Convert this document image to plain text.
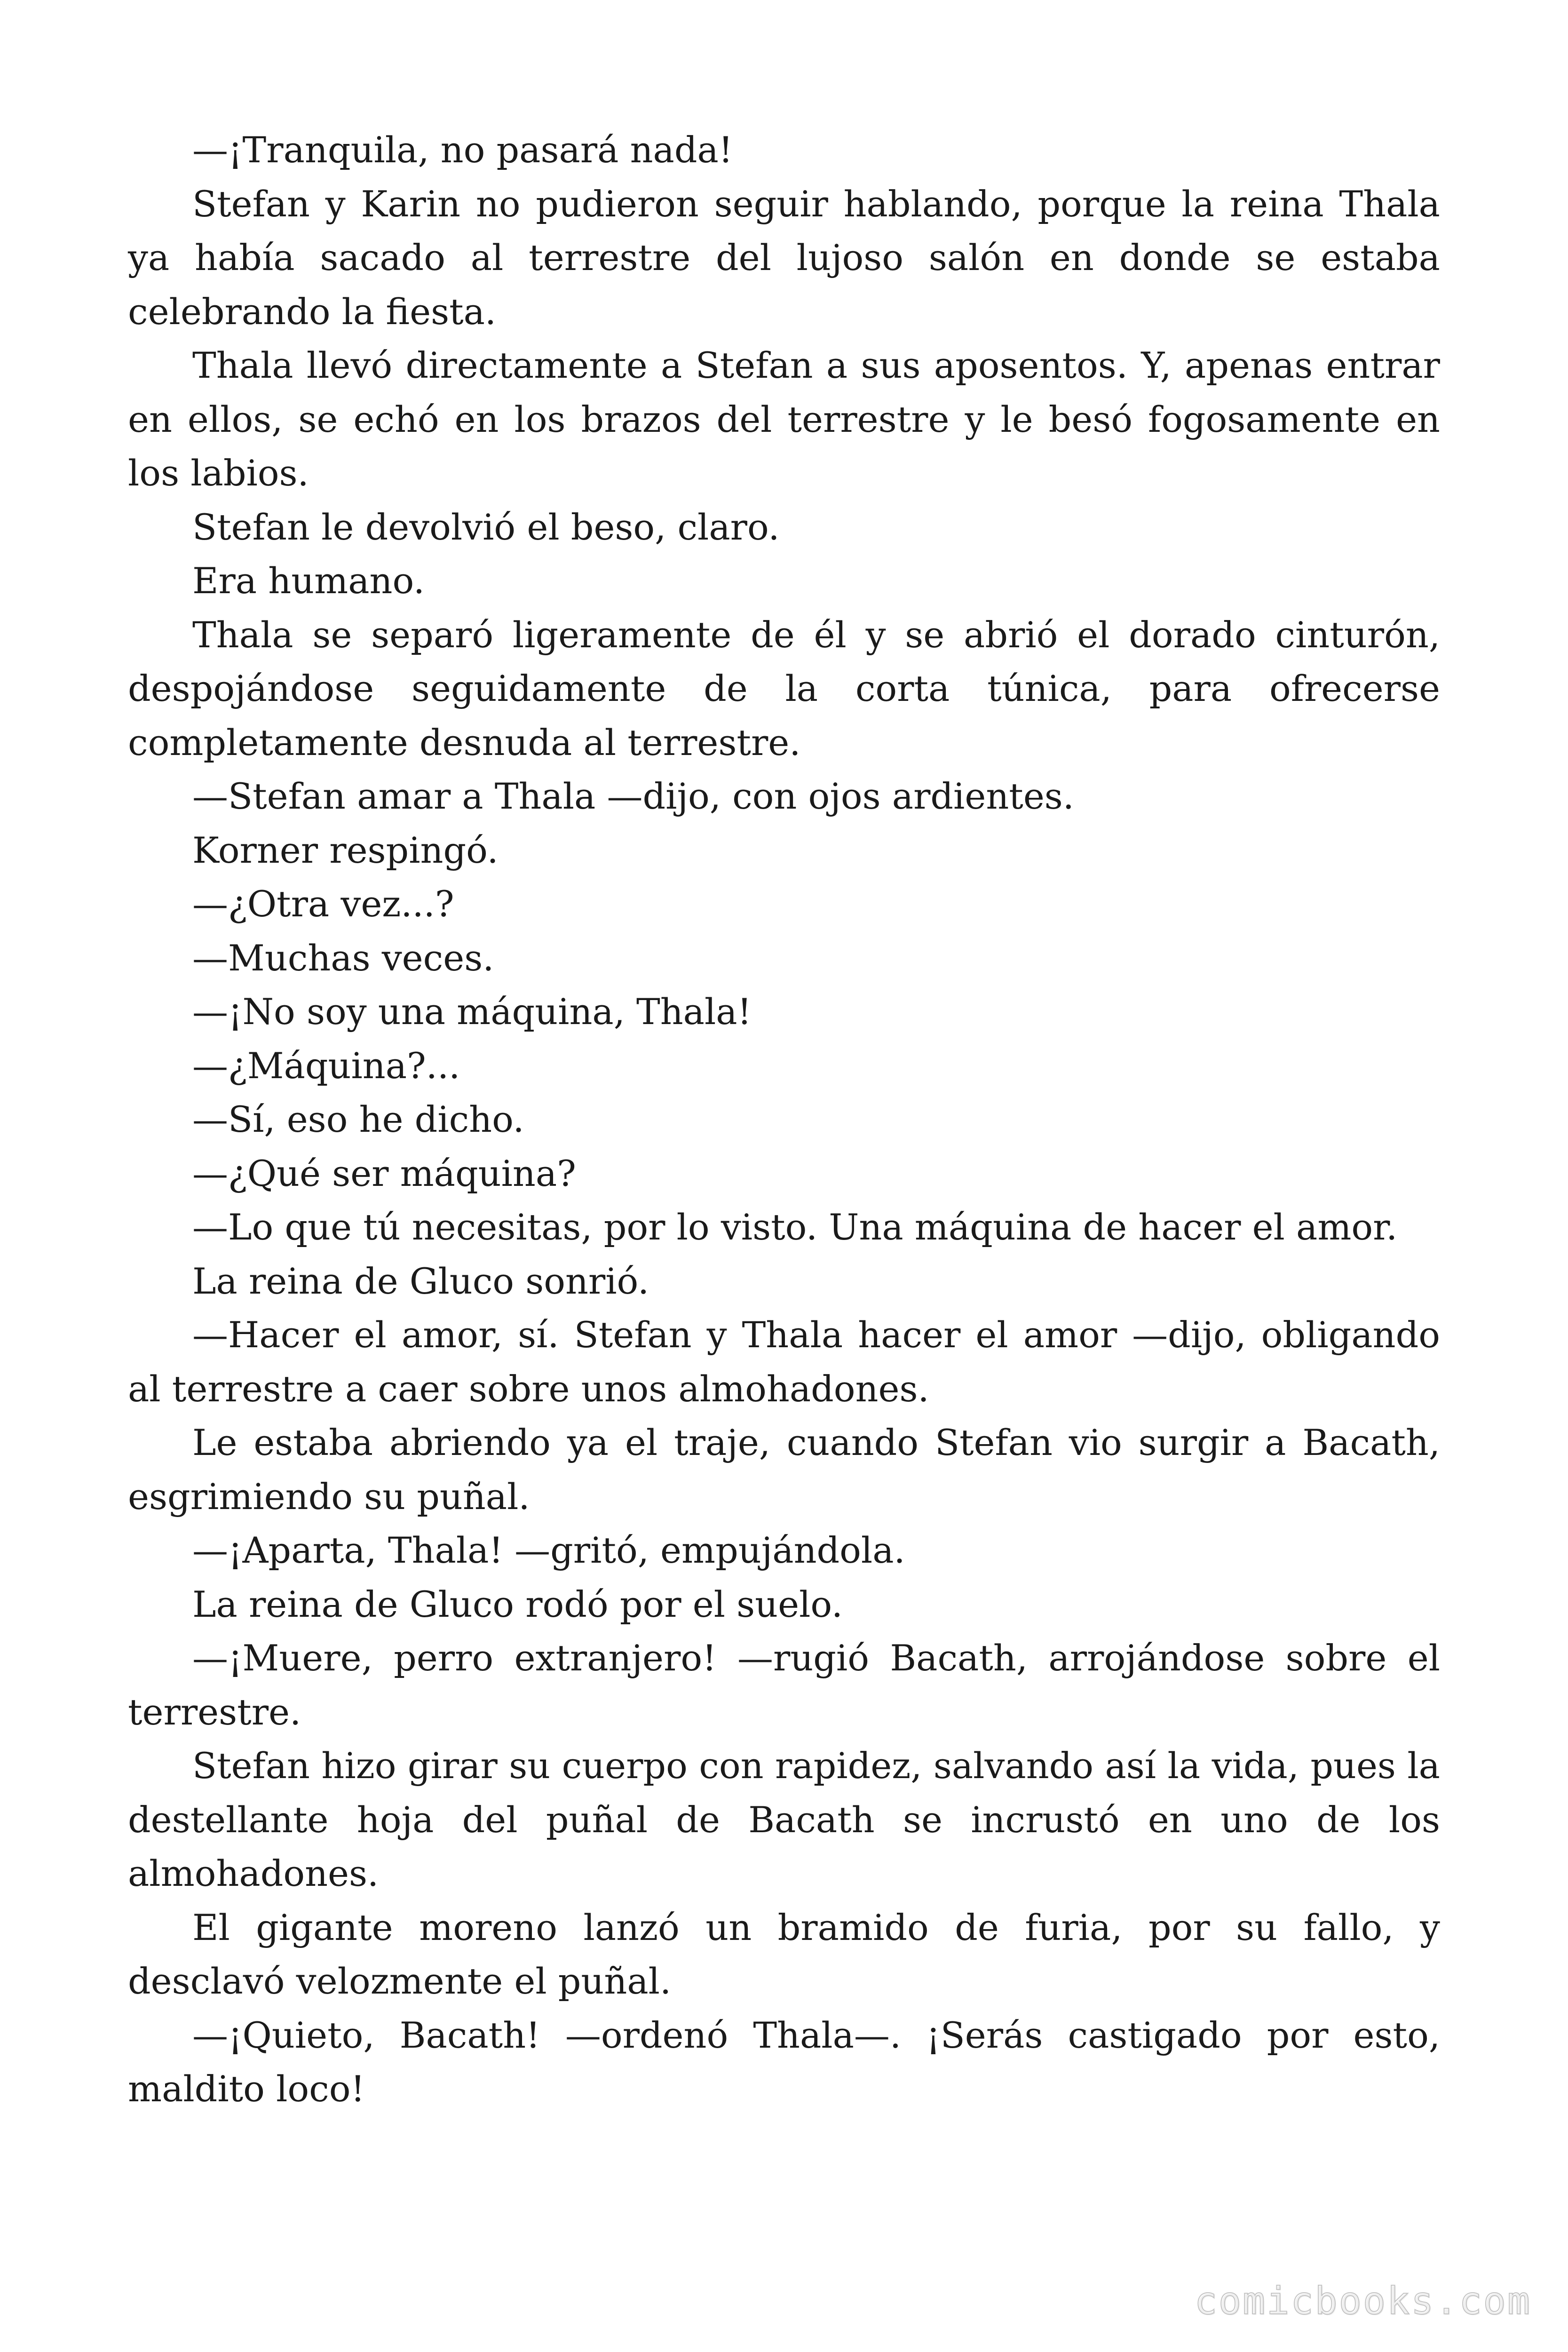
—¡Tranquila, no pasará nada!

Stefan y Karin no pudieron seguir hablando, porque la reina Thala ya había sacado al terrestre del lujoso salón en donde se estaba celebrando la fiesta.

Thala llevó directamente a Stefan a sus aposentos. Y, apenas entrar en ellos, se echó en los brazos del terrestre y le besó fogosamente en los labios.

Stefan le devolvió el beso, claro.

Era humano.

Thala se separó ligeramente de él y se abrió el dorado cinturón, despojándose seguidamente de la corta túnica, para ofrecerse completamente desnuda al terrestre.

—Stefan amar a Thala —dijo, con ojos ardientes.

Korner respingó.

—¿Otra vez...?

—Muchas veces.

—¡No soy una máquina, Thala!

—¿Máquina?...

—Sí, eso he dicho.

—¿Qué ser máquina?

—Lo que tú necesitas, por lo visto. Una máquina de hacer el amor.

La reina de Gluco sonrió.

—Hacer el amor, sí. Stefan y Thala hacer el amor —dijo, obligando al terrestre a caer sobre unos almohadones.

Le estaba abriendo ya el traje, cuando Stefan vio surgir a Bacath, esgrimiendo su puñal.

—¡Aparta, Thala! —gritó, empujándola.

La reina de Gluco rodó por el suelo.

—¡Muere, perro extranjero! —rugió Bacath, arrojándose sobre el terrestre.

Stefan hizo girar su cuerpo con rapidez, salvando así la vida, pues la destellante hoja del puñal de Bacath se incrustó en uno de los almohadones.

El gigante moreno lanzó un bramido de furia, por su fallo, y desclavó velozmente el puñal.

—¡Quieto, Bacath! —ordenó Thala—. ¡Serás castigado por esto, maldito loco!

comicbooks.com
